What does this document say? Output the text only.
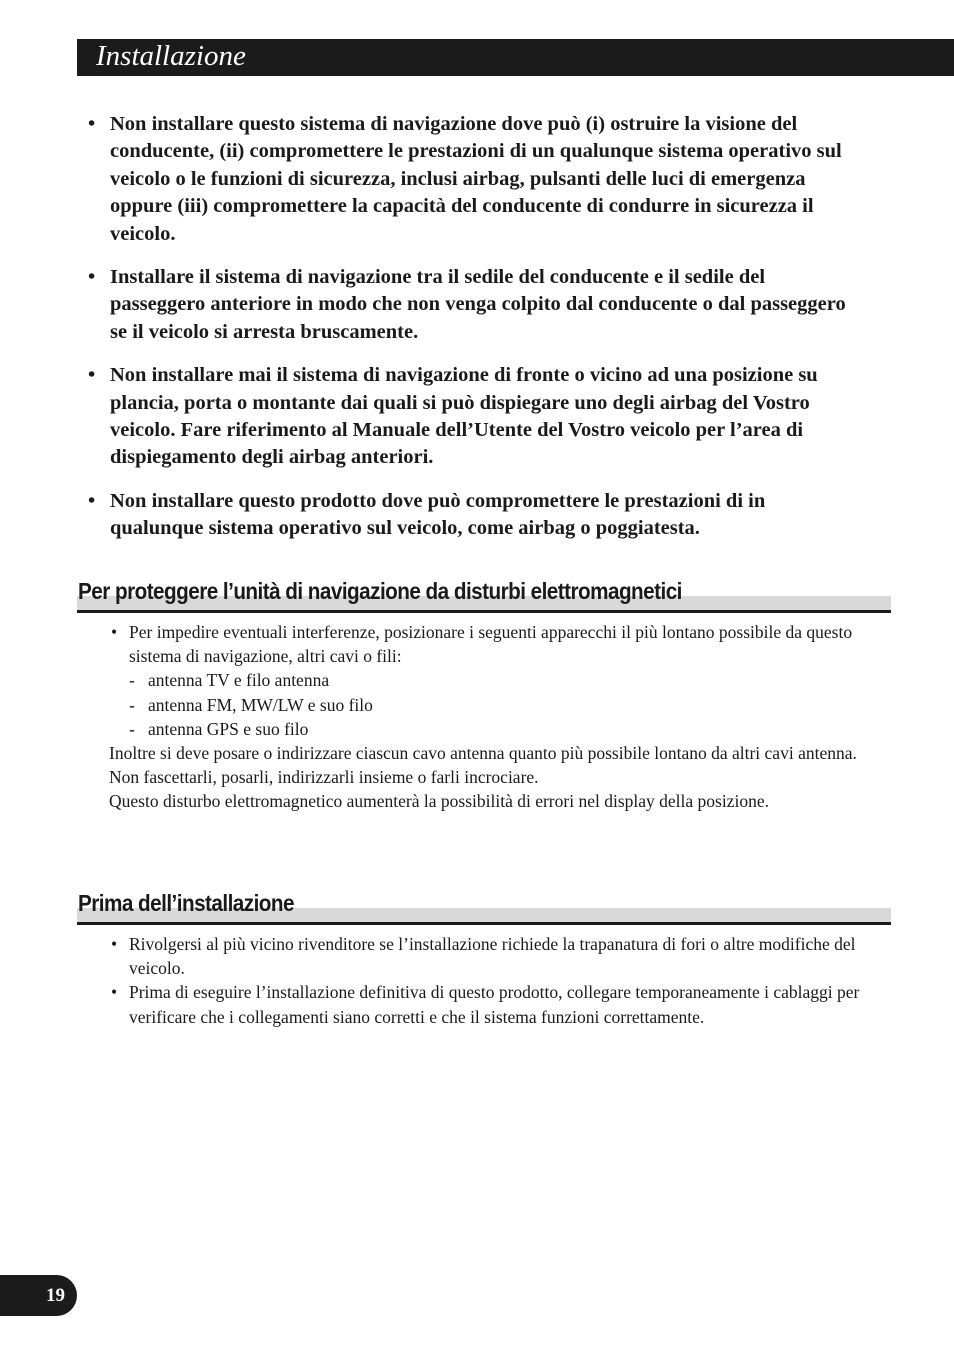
Installazione
• Non installare questo sistema di navigazione dove può (i) ostruire la visione del conducente, (ii) compromettere le prestazioni di un qualunque sistema operativo sul veicolo o le funzioni di sicurezza, inclusi airbag, pulsanti delle luci di emergenza oppure (iii) compromettere la capacità del conducente di condurre in sicurezza il veicolo.
• Installare il sistema di navigazione tra il sedile del conducente e il sedile del passeggero anteriore in modo che non venga colpito dal conducente o dal passeggero se il veicolo si arresta bruscamente.
• Non installare mai il sistema di navigazione di fronte o vicino ad una posizione su plancia, porta o montante dai quali si può dispiegare uno degli airbag del Vostro veicolo. Fare riferimento al Manuale dell’Utente del Vostro veicolo per l’area di dispiegamento degli airbag anteriori.
• Non installare questo prodotto dove può compromettere le prestazioni di in qualunque sistema operativo sul veicolo, come airbag o poggiatesta.
Per proteggere l’unità di navigazione da disturbi elettromagnetici
• Per impedire eventuali interferenze, posizionare i seguenti apparecchi il più lontano possibile da questo sistema di navigazione, altri cavi o fili:
- antenna TV e filo antenna
- antenna FM, MW/LW e suo filo
- antenna GPS e suo filo
Inoltre si deve posare o indirizzare ciascun cavo antenna quanto più possibile lontano da altri cavi antenna.
Non fascettarli, posarli, indirizzarli insieme o farli incrociare.
Questo disturbo elettromagnetico aumenterà la possibilità di errori nel display della posizione.
Prima dell’installazione
• Rivolgersi al più vicino rivenditore se l’installazione richiede la trapanatura di fori o altre modifiche del veicolo.
• Prima di eseguire l’installazione definitiva di questo prodotto, collegare temporaneamente i cablaggi per verificare che i collegamenti siano corretti e che il sistema funzioni correttamente.
19
